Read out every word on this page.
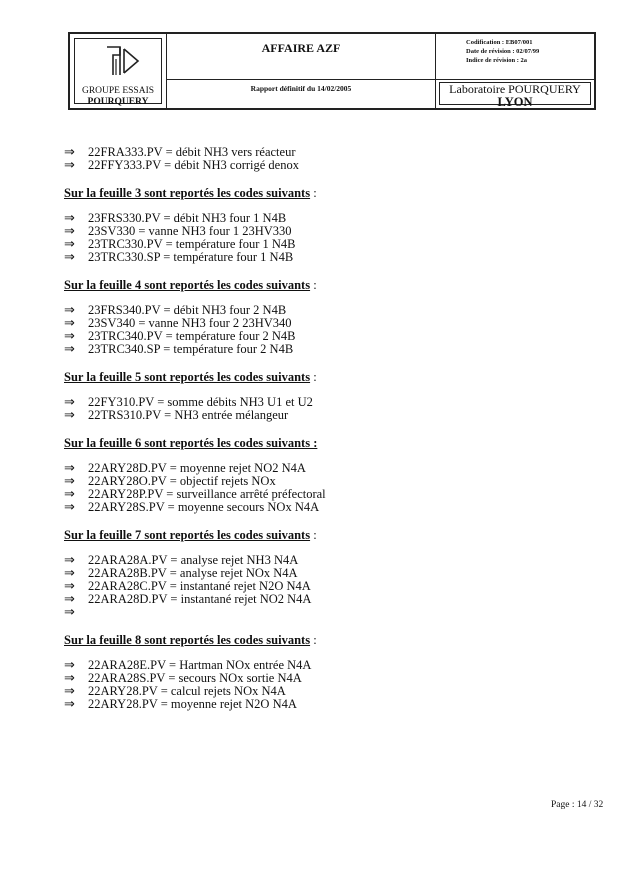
GROUPE ESSAIS
POURQUERY
AFFAIRE AZF	Codification : EB07/001
Date de révision : 02/07/99
Indice de révision : 2a
Rapport définitif du 14/02/2005	Laboratoire POURQUERY
LYON
⇒ 22FRA333.PV = débit NH3 vers réacteur
⇒ 22FFY333.PV = débit NH3 corrigé denox
Sur la feuille 3 sont reportés les codes suivants :
⇒ 23FRS330.PV = débit NH3 four 1 N4B
⇒ 23SV330 = vanne NH3 four 1 23HV330
⇒ 23TRC330.PV = température four 1 N4B
⇒ 23TRC330.SP = température four 1 N4B
Sur la feuille 4 sont reportés les codes suivants :
⇒ 23FRS340.PV = débit NH3 four 2 N4B
⇒ 23SV340 = vanne NH3 four 2 23HV340
⇒ 23TRC340.PV = température four 2 N4B
⇒ 23TRC340.SP = température four 2 N4B
Sur la feuille 5 sont reportés les codes suivants :
⇒ 22FY310.PV = somme débits NH3 U1 et U2
⇒ 22TRS310.PV = NH3 entrée mélangeur
Sur la feuille 6 sont reportés les codes suivants :
⇒ 22ARY28D.PV = moyenne rejet NO2 N4A
⇒ 22ARY28O.PV = objectif rejets NOx
⇒ 22ARY28P.PV = surveillance arrêté préfectoral
⇒ 22ARY28S.PV = moyenne secours NOx N4A
Sur la feuille 7 sont reportés les codes suivants :
⇒ 22ARA28A.PV = analyse rejet NH3 N4A
⇒ 22ARA28B.PV = analyse rejet NOx N4A
⇒ 22ARA28C.PV = instantané rejet N2O N4A
⇒ 22ARA28D.PV = instantané rejet NO2 N4A
⇒
Sur la feuille 8 sont reportés les codes suivants :
⇒ 22ARA28E.PV = Hartman NOx entrée N4A
⇒ 22ARA28S.PV = secours NOx sortie N4A
⇒ 22ARY28.PV = calcul rejets NOx N4A
⇒ 22ARY28.PV = moyenne rejet N2O N4A
Page : 14 / 32
